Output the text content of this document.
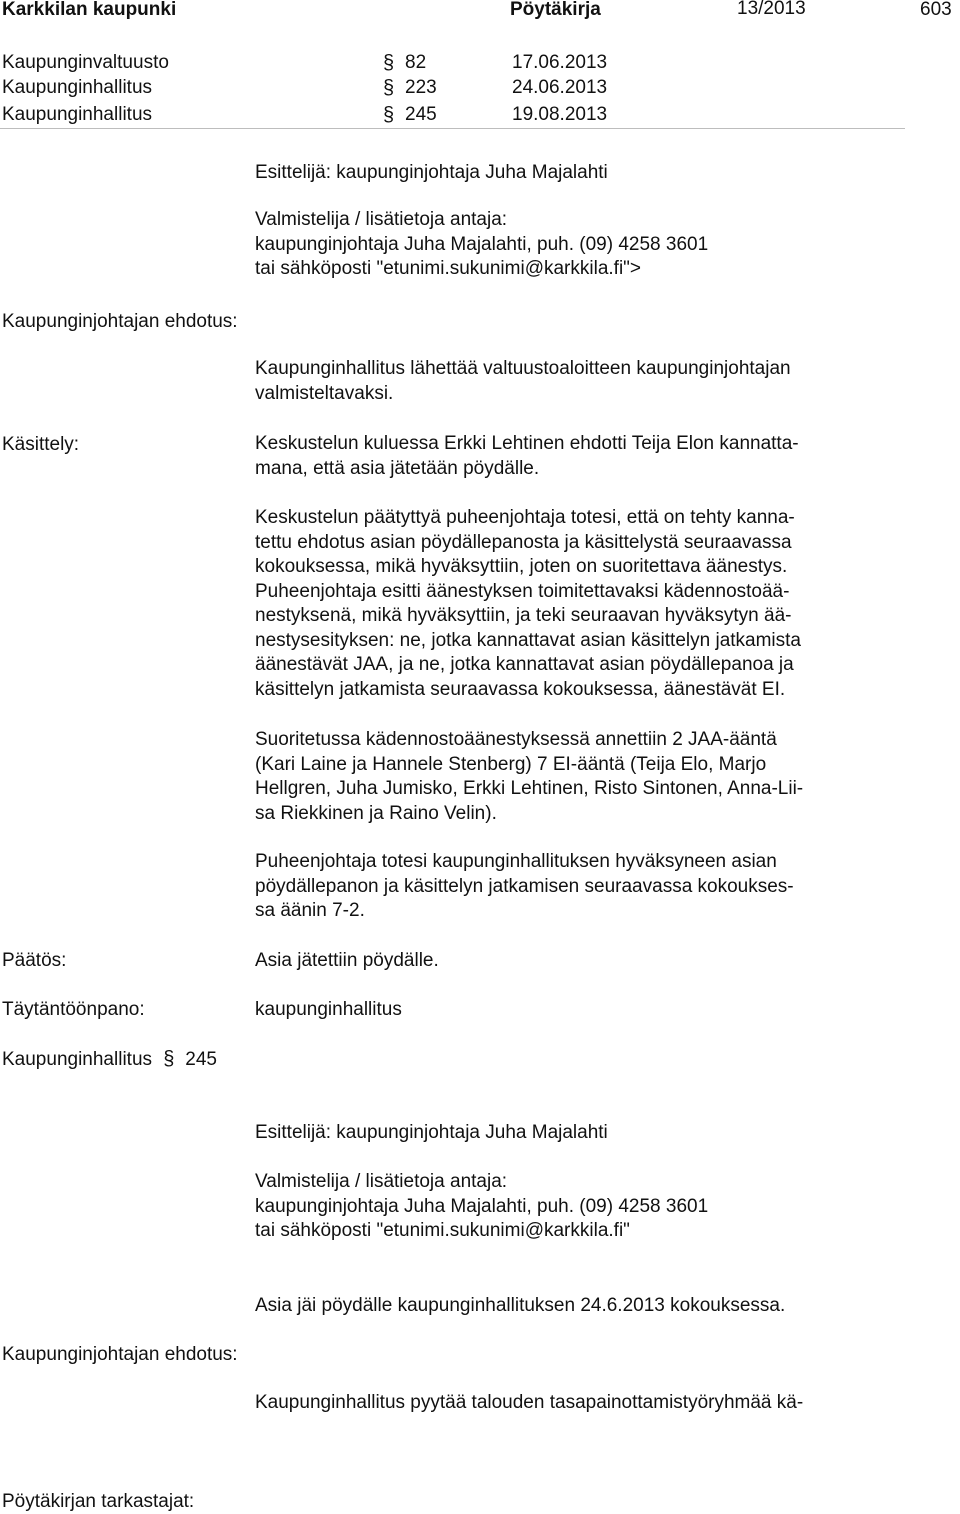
Karkkilan kaupunki	Pöytäkirja	13/2013	603
Kaupunginvaltuusto	§ 82	17.06.2013
Kaupunginhallitus	§ 223	24.06.2013
Kaupunginhallitus	§ 245	19.08.2013
Esittelijä: kaupunginjohtaja Juha Majalahti
Valmistelija / lisätietoja antaja:
kaupunginjohtaja Juha Majalahti, puh. (09) 4258 3601
tai sähköposti "etunimi.sukunimi@karkkila.fi">
Kaupunginjohtajan ehdotus:
Kaupunginhallitus lähettää valtuustoaloitteen kaupunginjohtajan
valmisteltavaksi.
Käsittely:	Keskustelun kuluessa Erkki Lehtinen ehdotti Teija Elon kannatta-
mana, että asia jätetään pöydälle.
Keskustelun päätyttyä puheenjohtaja totesi, että on tehty kanna-
tettu ehdotus asian pöydällepanosta ja käsittelystä seuraavassa
kokouksessa, mikä hyväksyttiin, joten on suoritettava äänestys.
Puheenjohtaja esitti äänestyksen toimitettavaksi kädennostoää-
nestyksenä, mikä hyväksyttiin, ja teki seuraavan hyväksytyn ää-
nestysesityksen: ne, jotka kannattavat asian käsittelyn jatkamista
äänestävät JAA, ja ne, jotka kannattavat asian pöydällepanoa ja
käsittelyn jatkamista seuraavassa kokouksessa, äänestävät EI.
Suoritetussa kädennostoäänestyksessä annettiin 2 JAA-ääntä
(Kari Laine ja Hannele Stenberg) 7 EI-ääntä (Teija Elo, Marjo
Hellgren, Juha Jumisko, Erkki Lehtinen, Risto Sintonen, Anna-Lii-
sa Riekkinen ja Raino Velin).
Puheenjohtaja totesi kaupunginhallituksen hyväksyneen asian
pöydällepanon ja käsittelyn jatkamisen seuraavassa kokoukses-
sa äänin 7-2.
Päätös:	Asia jätettiin pöydälle.
Täytäntöönpano:	kaupunginhallitus
Kaupunginhallitus § 245
Esittelijä: kaupunginjohtaja Juha Majalahti
Valmistelija / lisätietoja antaja:
kaupunginjohtaja Juha Majalahti, puh. (09) 4258 3601
tai sähköposti "etunimi.sukunimi@karkkila.fi"
Asia jäi pöydälle kaupunginhallituksen 24.6.2013 kokouksessa.
Kaupunginjohtajan ehdotus:
Kaupunginhallitus pyytää talouden tasapainottamistyöryhmää kä-
Pöytäkirjan tarkastajat:
